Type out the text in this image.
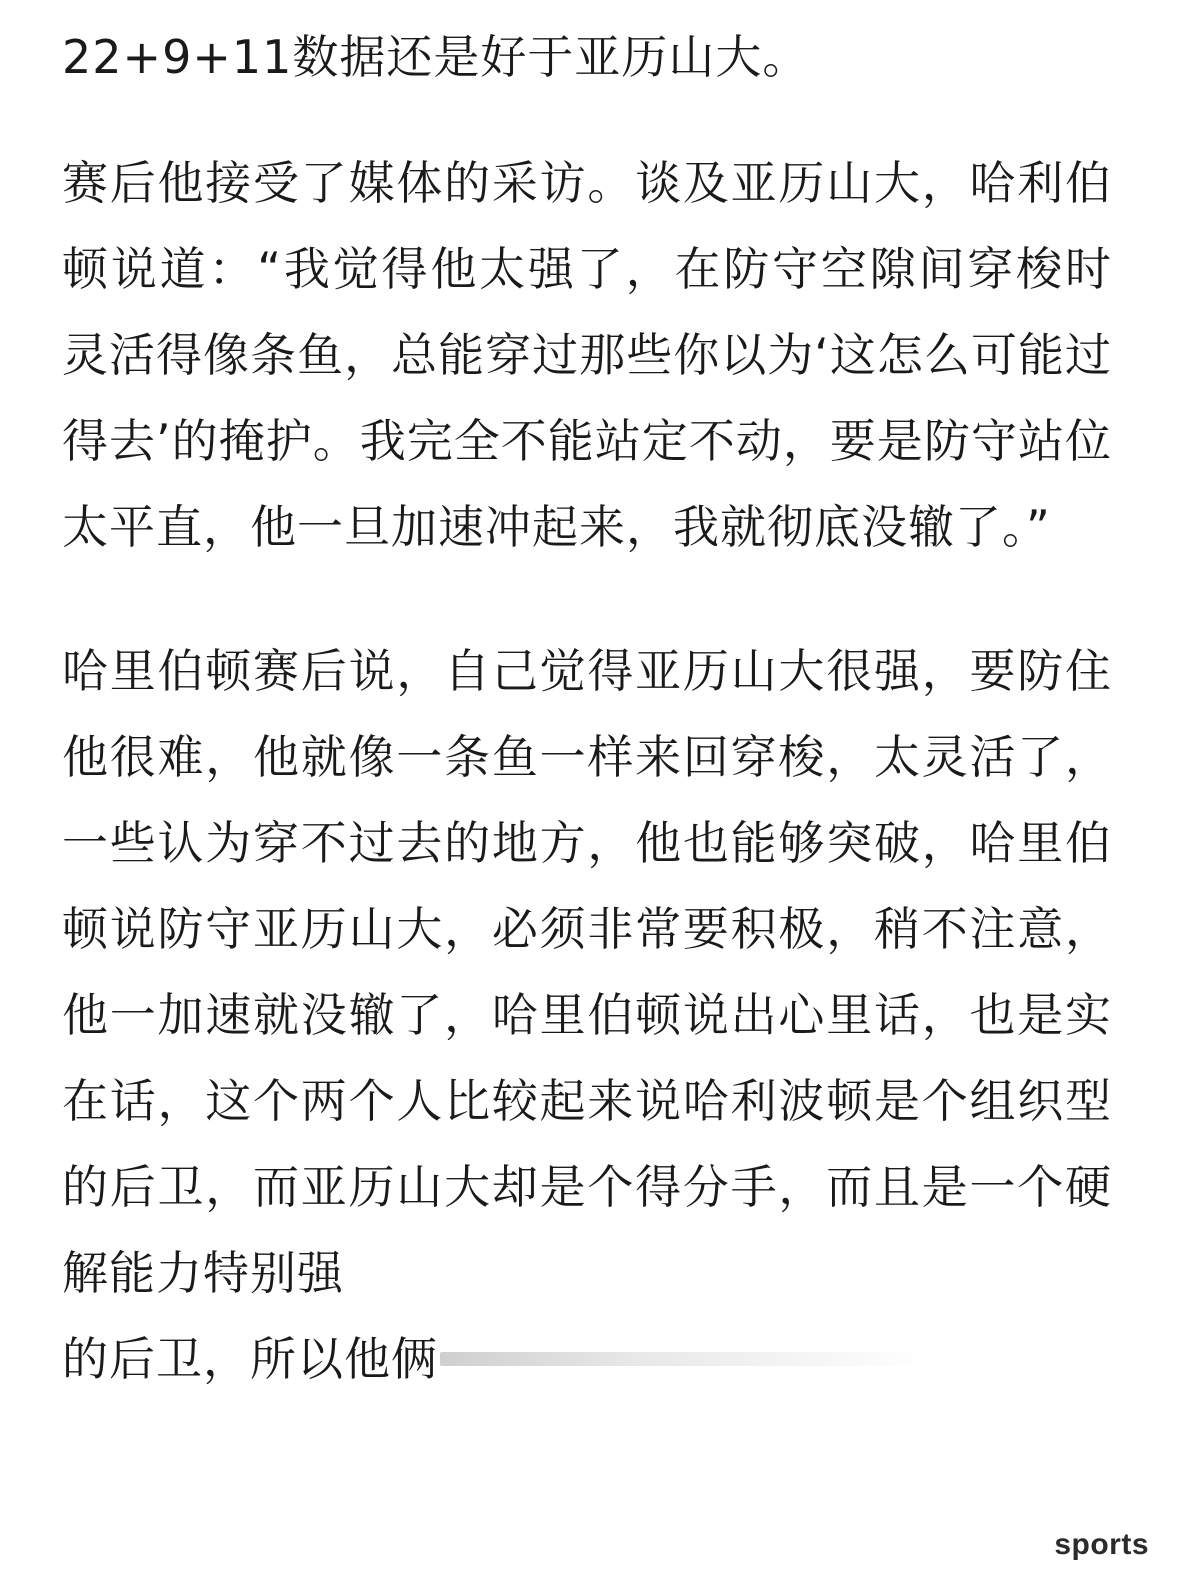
22+9+11数据还是好于亚历山大。

赛后他接受了媒体的采访。谈及亚历山大，哈利伯顿说道：“我觉得他太强了，在防守空隙间穿梭时灵活得像条鱼，总能穿过那些你以为‘这怎么可能过得去’的掩护。我完全不能站定不动，要是防守站位太平直，他一旦加速冲起来，我就彻底没辙了。”

哈里伯顿赛后说，自己觉得亚历山大很强，要防住他很难，他就像一条鱼一样来回穿梭，太灵活了，一些认为穿不过去的地方，他也能够突破，哈里伯顿说防守亚历山大，必须非常要积极，稍不注意，他一加速就没辙了，哈里伯顿说出心里话，也是实在话，这个两个人比较起来说哈利波顿是个组织型的后卫，而亚历山大却是个得分手，而且是一个硬解能力特别强

的后卫，所以他俩
sports
